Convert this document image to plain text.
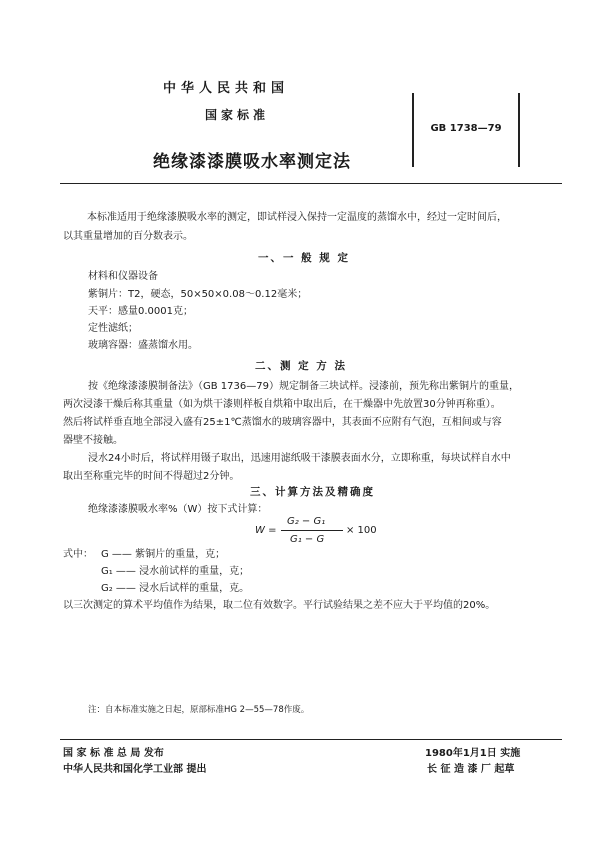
中华人民共和国
国家标准
绝缘漆漆膜吸水率测定法
GB 1738—79
本标准适用于绝缘漆膜吸水率的测定，即试样浸入保持一定温度的蒸馏水中，经过一定时间后，
以其重量增加的百分数表示。
一、一 般 规 定
材料和仪器设备
紫铜片：T2，硬态，50×50×0.08～0.12毫米；
天平：感量0.0001克；
定性滤纸；
玻璃容器：盛蒸馏水用。
二、测 定 方 法
按《绝缘漆漆膜制备法》（GB 1736—79）规定制备三块试样。浸漆前，预先称出紫铜片的重量，
两次浸漆干燥后称其重量（如为烘干漆则样板自烘箱中取出后，在干燥器中先放置30分钟再称重）。
然后将试样垂直地全部浸入盛有25±1℃蒸馏水的玻璃容器中，其表面不应附有气泡，互相间或与容
器壁不接触。
浸水24小时后，将试样用镊子取出，迅速用滤纸吸干漆膜表面水分，立即称重，每块试样自水中
取出至称重完毕的时间不得超过2分钟。
三、计算方法及精确度
绝缘漆漆膜吸水率%（W）按下式计算：
W =
G₂ − G₁
G₁ − G
× 100
式中： G —— 紫铜片的重量，克；
G₁ —— 浸水前试样的重量，克；
G₂ —— 浸水后试样的重量，克。
以三次测定的算术平均值作为结果，取二位有效数字。平行试验结果之差不应大于平均值的20%。
注：自本标准实施之日起，原部标准HG 2—55—78作废。
国 家 标 准 总 局 发布	1980年1月1日 实施
中华人民共和国化学工业部 提出	长 征 造 漆 厂 起草
